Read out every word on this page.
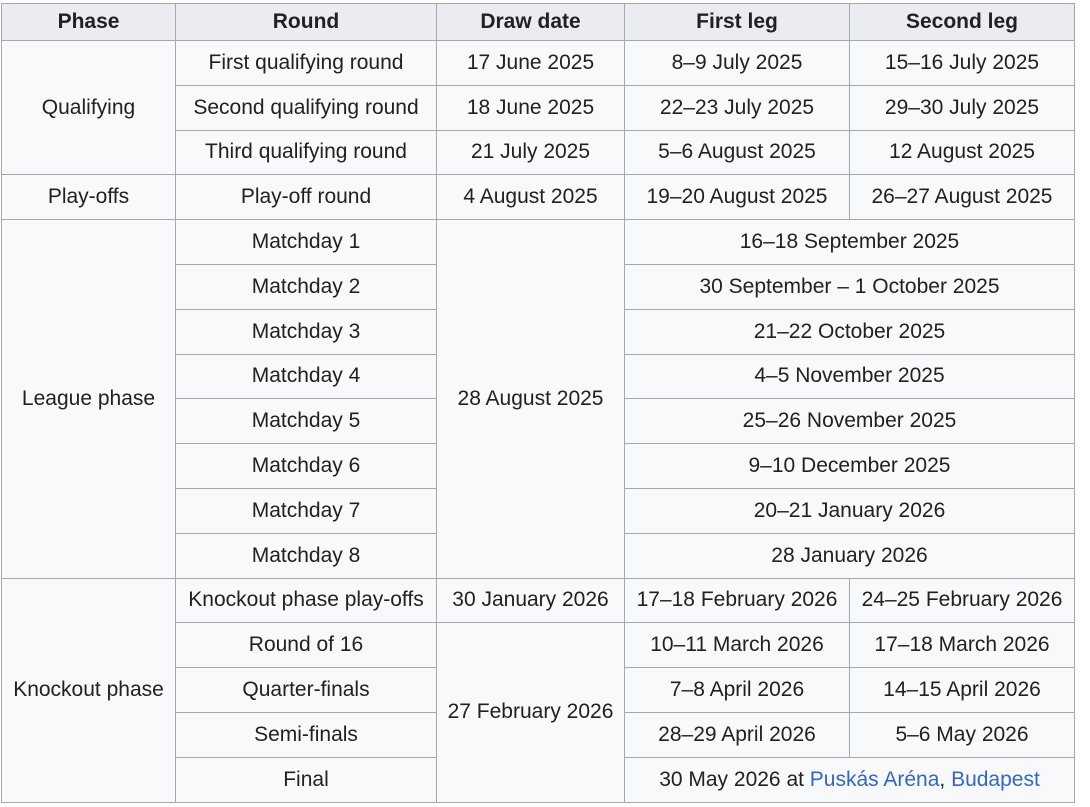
Phase	Round	Draw date	First leg	Second leg
Qualifying	First qualifying round	17 June 2025	8–9 July 2025	15–16 July 2025
	Second qualifying round	18 June 2025	22–23 July 2025	29–30 July 2025
	Third qualifying round	21 July 2025	5–6 August 2025	12 August 2025
Play-offs	Play-off round	4 August 2025	19–20 August 2025	26–27 August 2025
League phase	Matchday 1	28 August 2025	16–18 September 2025	
	Matchday 2		30 September – 1 October 2025	
	Matchday 3		21–22 October 2025	
	Matchday 4		4–5 November 2025	
	Matchday 5		25–26 November 2025	
	Matchday 6		9–10 December 2025	
	Matchday 7		20–21 January 2026	
	Matchday 8		28 January 2026	
Knockout phase	Knockout phase play-offs	30 January 2026	17–18 February 2026	24–25 February 2026
	Round of 16	27 February 2026	10–11 March 2026	17–18 March 2026
	Quarter-finals		7–8 April 2026	14–15 April 2026
	Semi-finals		28–29 April 2026	5–6 May 2026
	Final		30 May 2026 at Puskás Aréna, Budapest	
